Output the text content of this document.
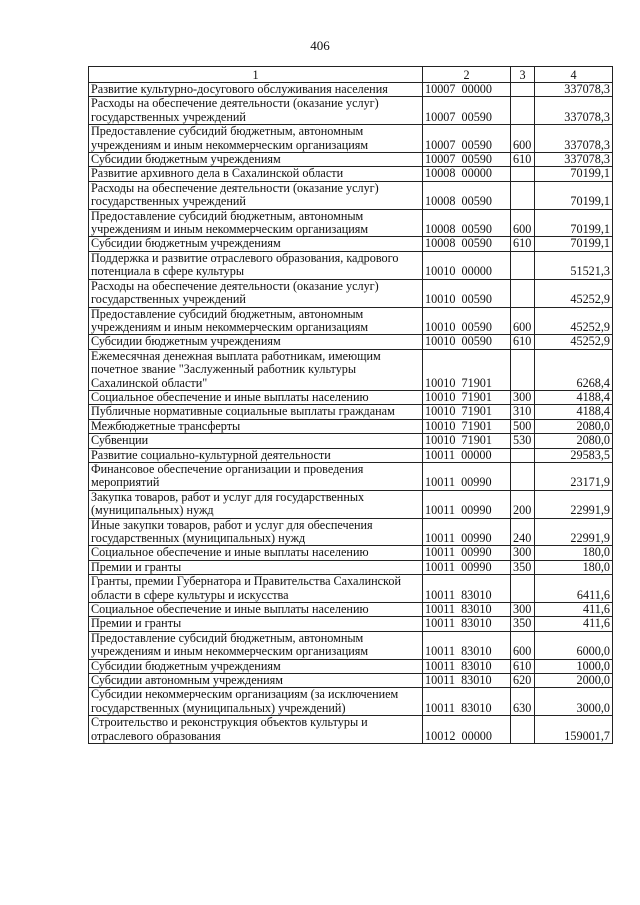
406
1	2	3	4
Развитие культурно-досугового обслуживания населения	10007 00000		337078,3
Расходы на обеспечение деятельности (оказание услуг) государственных учреждений	10007 00590		337078,3
Предоставление субсидий бюджетным, автономным учреждениям и иным некоммерческим организациям	10007 00590	600	337078,3
Субсидии бюджетным учреждениям	10007 00590	610	337078,3
Развитие архивного дела в Сахалинской области	10008 00000		70199,1
Расходы на обеспечение деятельности (оказание услуг) государственных учреждений	10008 00590		70199,1
Предоставление субсидий бюджетным, автономным учреждениям и иным некоммерческим организациям	10008 00590	600	70199,1
Субсидии бюджетным учреждениям	10008 00590	610	70199,1
Поддержка и развитие отраслевого образования, кадрового потенциала в сфере культуры	10010 00000		51521,3
Расходы на обеспечение деятельности (оказание услуг) государственных учреждений	10010 00590		45252,9
Предоставление субсидий бюджетным, автономным учреждениям и иным некоммерческим организациям	10010 00590	600	45252,9
Субсидии бюджетным учреждениям	10010 00590	610	45252,9
Ежемесячная денежная выплата работникам, имеющим почетное звание "Заслуженный работник культуры Сахалинской области"	10010 71901		6268,4
Социальное обеспечение и иные выплаты населению	10010 71901	300	4188,4
Публичные нормативные социальные выплаты гражданам	10010 71901	310	4188,4
Межбюджетные трансферты	10010 71901	500	2080,0
Субвенции	10010 71901	530	2080,0
Развитие социально-культурной деятельности	10011 00000		29583,5
Финансовое обеспечение организации и проведения мероприятий	10011 00990		23171,9
Закупка товаров, работ и услуг для государственных (муниципальных) нужд	10011 00990	200	22991,9
Иные закупки товаров, работ и услуг для обеспечения государственных (муниципальных) нужд	10011 00990	240	22991,9
Социальное обеспечение и иные выплаты населению	10011 00990	300	180,0
Премии и гранты	10011 00990	350	180,0
Гранты, премии Губернатора и Правительства Сахалинской области в сфере культуры и искусства	10011 83010		6411,6
Социальное обеспечение и иные выплаты населению	10011 83010	300	411,6
Премии и гранты	10011 83010	350	411,6
Предоставление субсидий бюджетным, автономным учреждениям и иным некоммерческим организациям	10011 83010	600	6000,0
Субсидии бюджетным учреждениям	10011 83010	610	1000,0
Субсидии автономным учреждениям	10011 83010	620	2000,0
Субсидии некоммерческим организациям (за исключением государственных (муниципальных) учреждений)	10011 83010	630	3000,0
Строительство и реконструкция объектов культуры и отраслевого образования	10012 00000		159001,7
